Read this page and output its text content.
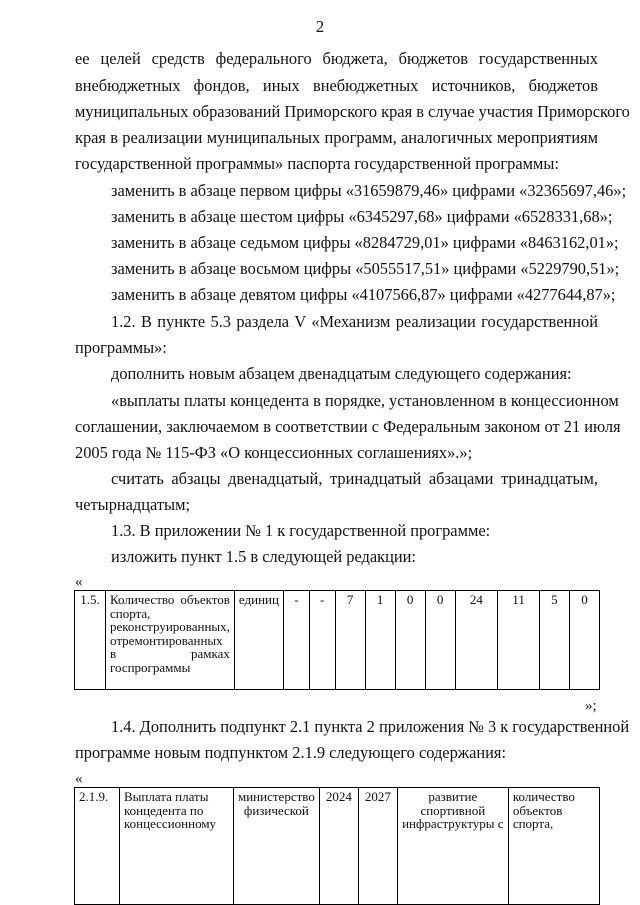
2
ее целей средств федерального бюджета, бюджетов государственных
внебюджетных фондов, иных внебюджетных источников, бюджетов
муниципальных образований Приморского края в случае участия Приморского
края в реализации муниципальных программ, аналогичных мероприятиям
государственной программы» паспорта государственной программы:
заменить в абзаце первом цифры «31659879,46» цифрами «32365697,46»;
заменить в абзаце шестом цифры «6345297,68» цифрами «6528331,68»;
заменить в абзаце седьмом цифры «8284729,01» цифрами «8463162,01»;
заменить в абзаце восьмом цифры «5055517,51» цифрами «5229790,51»;
заменить в абзаце девятом цифры «4107566,87» цифрами «4277644,87»;
1.2. В пункте 5.3 раздела V «Механизм реализации государственной
программы»:
дополнить новым абзацем двенадцатым следующего содержания:
«выплаты платы концедента в порядке, установленном в концессионном
соглашении, заключаемом в соответствии с Федеральным законом от 21 июля
2005 года № 115-ФЗ «О концессионных соглашениях».»;
считать абзацы двенадцатый, тринадцатый абзацами тринадцатым,
четырнадцатым;
1.3. В приложении № 1 к государственной программе:
изложить пункт 1.5 в следующей редакции:
«
1.5.	Количество объектов спорта, реконструированных, отремонтированных в рамках госпрограммы	единиц	-	-	7	1	0	0	24	11	5	0
»;
1.4. Дополнить подпункт 2.1 пункта 2 приложения № 3 к государственной
программе новым подпунктом 2.1.9 следующего содержания:
«
2.1.9.	Выплата платы концедента по концессионному	министерство физической	2024	2027	развитие спортивной инфраструктуры с	количество объектов спорта,
